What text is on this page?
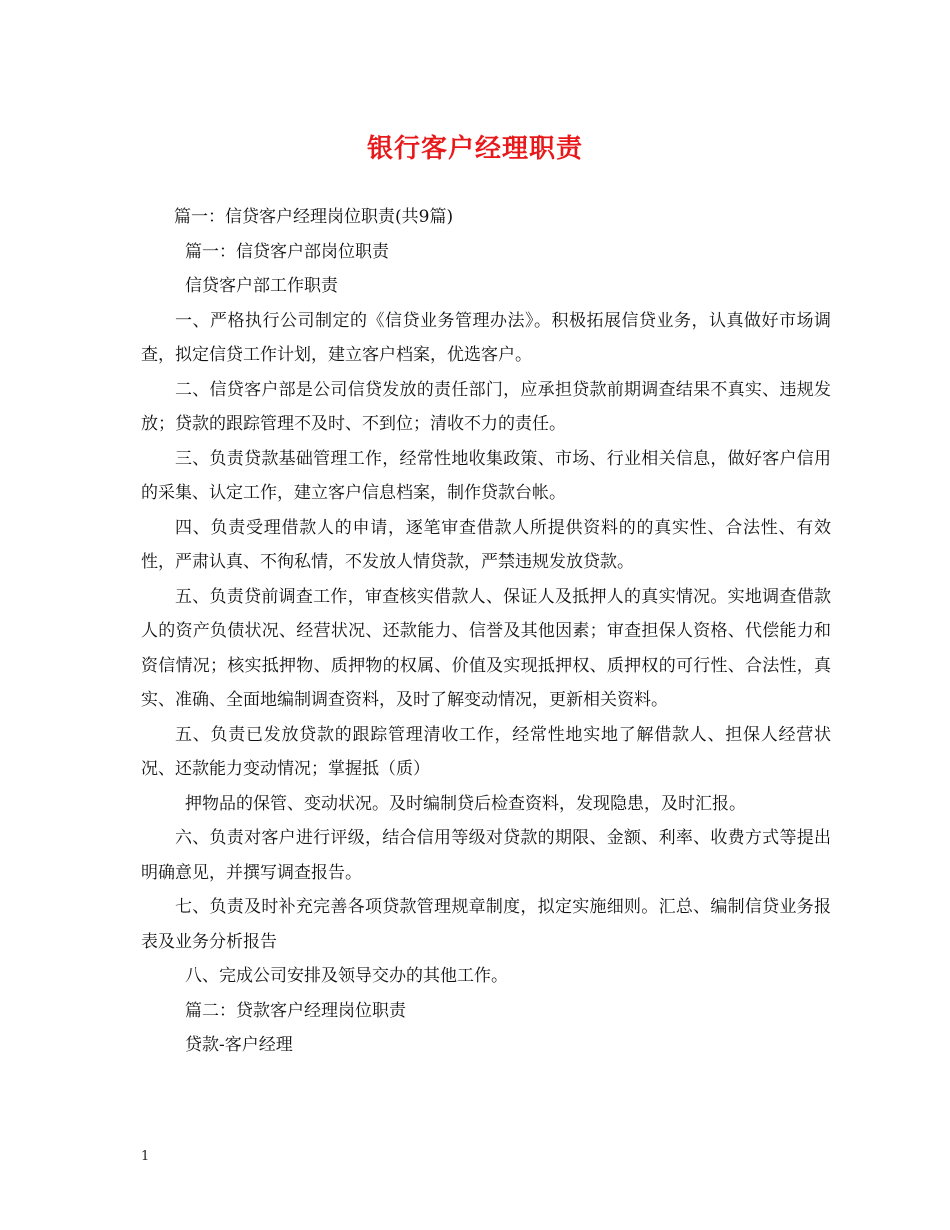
银行客户经理职责

篇一：信贷客户经理岗位职责(共9篇)

篇一：信贷客户部岗位职责

信贷客户部工作职责

一、严格执行公司制定的《信贷业务管理办法》。积极拓展信贷业务，认真做好市场调查，拟定信贷工作计划，建立客户档案，优选客户。

二、信贷客户部是公司信贷发放的责任部门，应承担贷款前期调查结果不真实、违规发放；贷款的跟踪管理不及时、不到位；清收不力的责任。

三、负责贷款基础管理工作，经常性地收集政策、市场、行业相关信息，做好客户信用的采集、认定工作，建立客户信息档案，制作贷款台帐。

四、负责受理借款人的申请，逐笔审查借款人所提供资料的的真实性、合法性、有效性，严肃认真、不徇私情，不发放人情贷款，严禁违规发放贷款。

五、负责贷前调查工作，审查核实借款人、保证人及抵押人的真实情况。实地调查借款人的资产负债状况、经营状况、还款能力、信誉及其他因素；审查担保人资格、代偿能力和资信情况；核实抵押物、质押物的权属、价值及实现抵押权、质押权的可行性、合法性，真实、准确、全面地编制调查资料，及时了解变动情况，更新相关资料。

五、负责已发放贷款的跟踪管理清收工作，经常性地实地了解借款人、担保人经营状况、还款能力变动情况；掌握抵（质）

押物品的保管、变动状况。及时编制贷后检查资料，发现隐患，及时汇报。

六、负责对客户进行评级，结合信用等级对贷款的期限、金额、利率、收费方式等提出明确意见，并撰写调查报告。

七、负责及时补充完善各项贷款管理规章制度，拟定实施细则。汇总、编制信贷业务报表及业务分析报告

八、完成公司安排及领导交办的其他工作。

篇二：贷款客户经理岗位职责

贷款-客户经理

1
